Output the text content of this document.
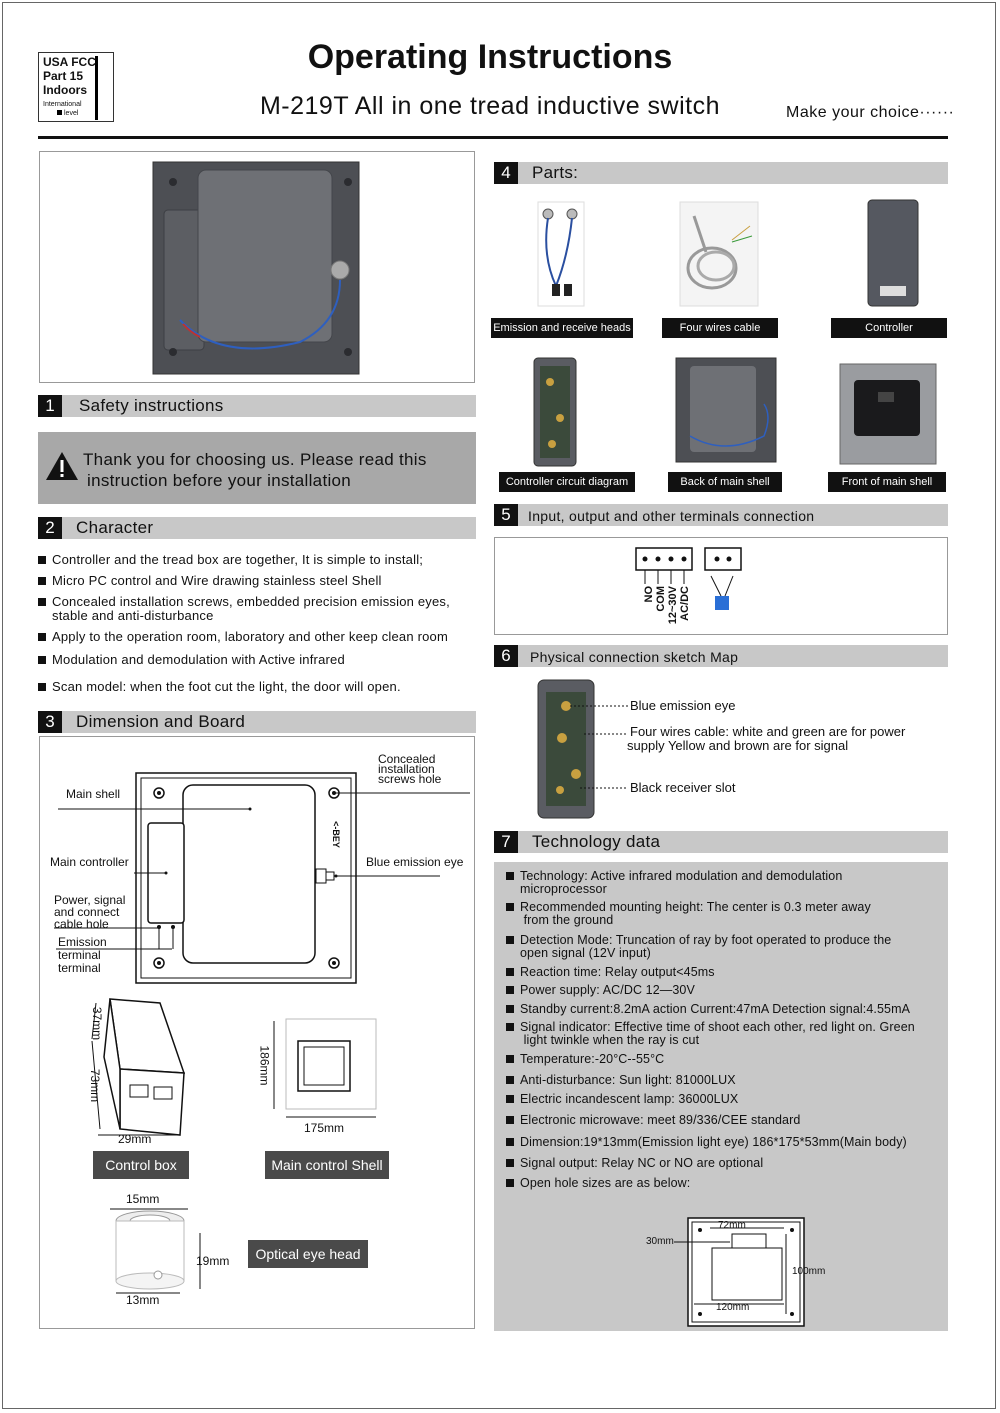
USA FCC
Part 15
Indoors
International
level
Operating Instructions
M-219T All in one tread inductive switch	Make your choice······
1	Safety instructions
Thank you for choosing us. Please read this
instruction before your installation
2	Character
Controller and the tread box are together, It is simple to install;
Micro PC control and Wire drawing stainless steel Shell
Concealed installation screws, embedded precision emission eyes,
stable and anti-disturbance
Apply to the operation room, laboratory and other keep clean room
Modulation and demodulation with Active infrared
Scan model: when the foot cut the light, the door will open.
3	Dimension and Board
Main shell
Concealed
installation
screws hole
Main controller	Blue emission eye
<-BEY
Power, signal
and connect
cable hole
Emission
terminal
terminal
37mm
73mm
29mm
186mm
175mm
Control box	Main control Shell
15mm
19mm
13mm
Optical eye head
4	Parts:
Emission and receive heads	Four wires cable	Controller
Controller circuit diagram	Back of main shell	Front of main shell
5	Input, output and other terminals connection
NO COM 12~30V AC/DC
6	Physical connection sketch Map
Blue emission eye
Four wires cable: white and green are for power
supply Yellow and brown are for signal
Black receiver slot
7	Technology data
Technology: Active infrared modulation and demodulation
microprocessor
Recommended mounting height: The center is 0.3 meter away
from the ground
Detection Mode: Truncation of ray by foot operated to produce the
open signal (12V input)
Reaction time: Relay output<45ms
Power supply: AC/DC 12—30V
Standby current:8.2mA action Current:47mA Detection signal:4.55mA
Signal indicator: Effective time of shoot each other, red light on. Green
light twinkle when the ray is cut
Temperature:-20°C--55°C
Anti-disturbance: Sun light: 81000LUX
Electric incandescent lamp: 36000LUX
Electronic microwave: meet 89/336/CEE standard
Dimension:19*13mm(Emission light eye) 186*175*53mm(Main body)
Signal output: Relay NC or NO are optional
Open hole sizes are as below:
72mm
30mm
100mm
120mm
